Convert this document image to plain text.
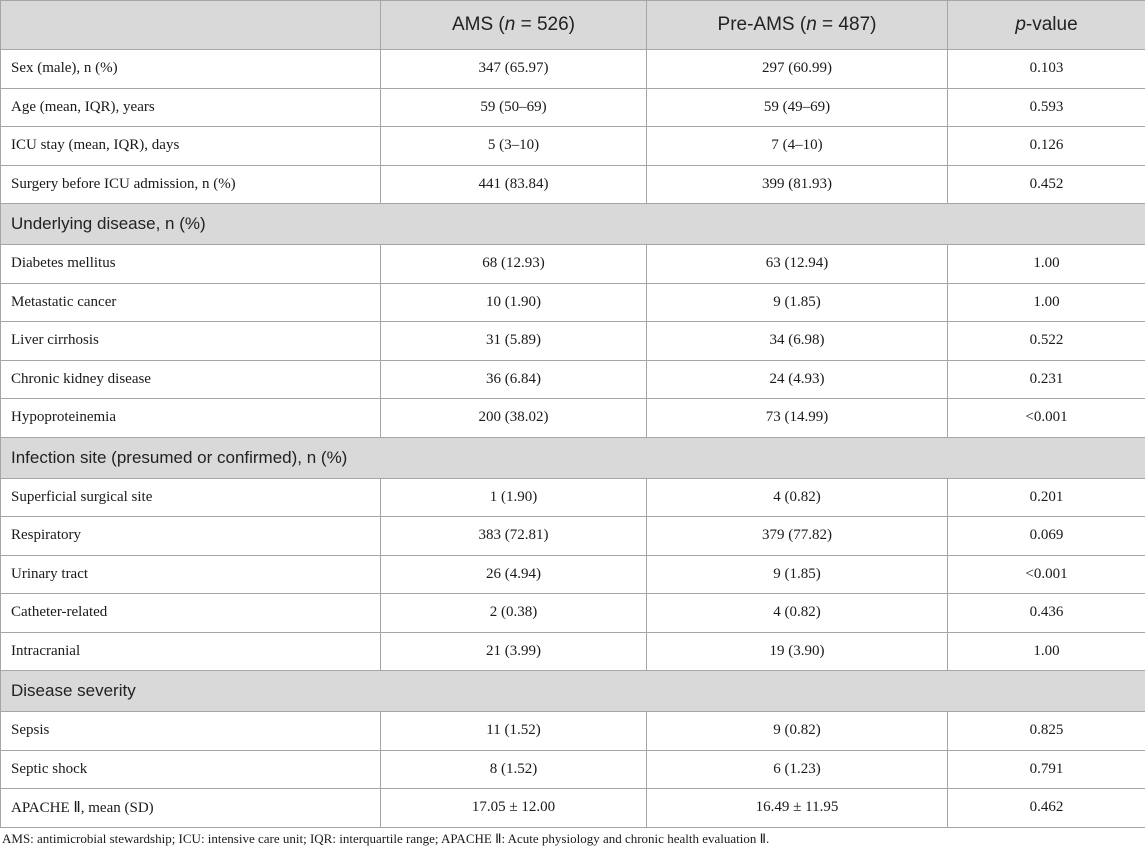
	AMS (n = 526)	Pre-AMS (n = 487)	p-value
Sex (male), n (%)	347 (65.97)	297 (60.99)	0.103
Age (mean, IQR), years	59 (50–69)	59 (49–69)	0.593
ICU stay (mean, IQR), days	5 (3–10)	7 (4–10)	0.126
Surgery before ICU admission, n (%)	441 (83.84)	399 (81.93)	0.452
Underlying disease, n (%)			
Diabetes mellitus	68 (12.93)	63 (12.94)	1.00
Metastatic cancer	10 (1.90)	9 (1.85)	1.00
Liver cirrhosis	31 (5.89)	34 (6.98)	0.522
Chronic kidney disease	36 (6.84)	24 (4.93)	0.231
Hypoproteinemia	200 (38.02)	73 (14.99)	<0.001
Infection site (presumed or confirmed), n (%)			
Superficial surgical site	1 (1.90)	4 (0.82)	0.201
Respiratory	383 (72.81)	379 (77.82)	0.069
Urinary tract	26 (4.94)	9 (1.85)	<0.001
Catheter-related	2 (0.38)	4 (0.82)	0.436
Intracranial	21 (3.99)	19 (3.90)	1.00
Disease severity			
Sepsis	11 (1.52)	9 (0.82)	0.825
Septic shock	8 (1.52)	6 (1.23)	0.791
APACHE Ⅱ, mean (SD)	17.05 ± 12.00	16.49 ± 11.95	0.462
AMS: antimicrobial stewardship; ICU: intensive care unit; IQR: interquartile range; APACHE Ⅱ: Acute physiology and chronic health evaluation Ⅱ.
